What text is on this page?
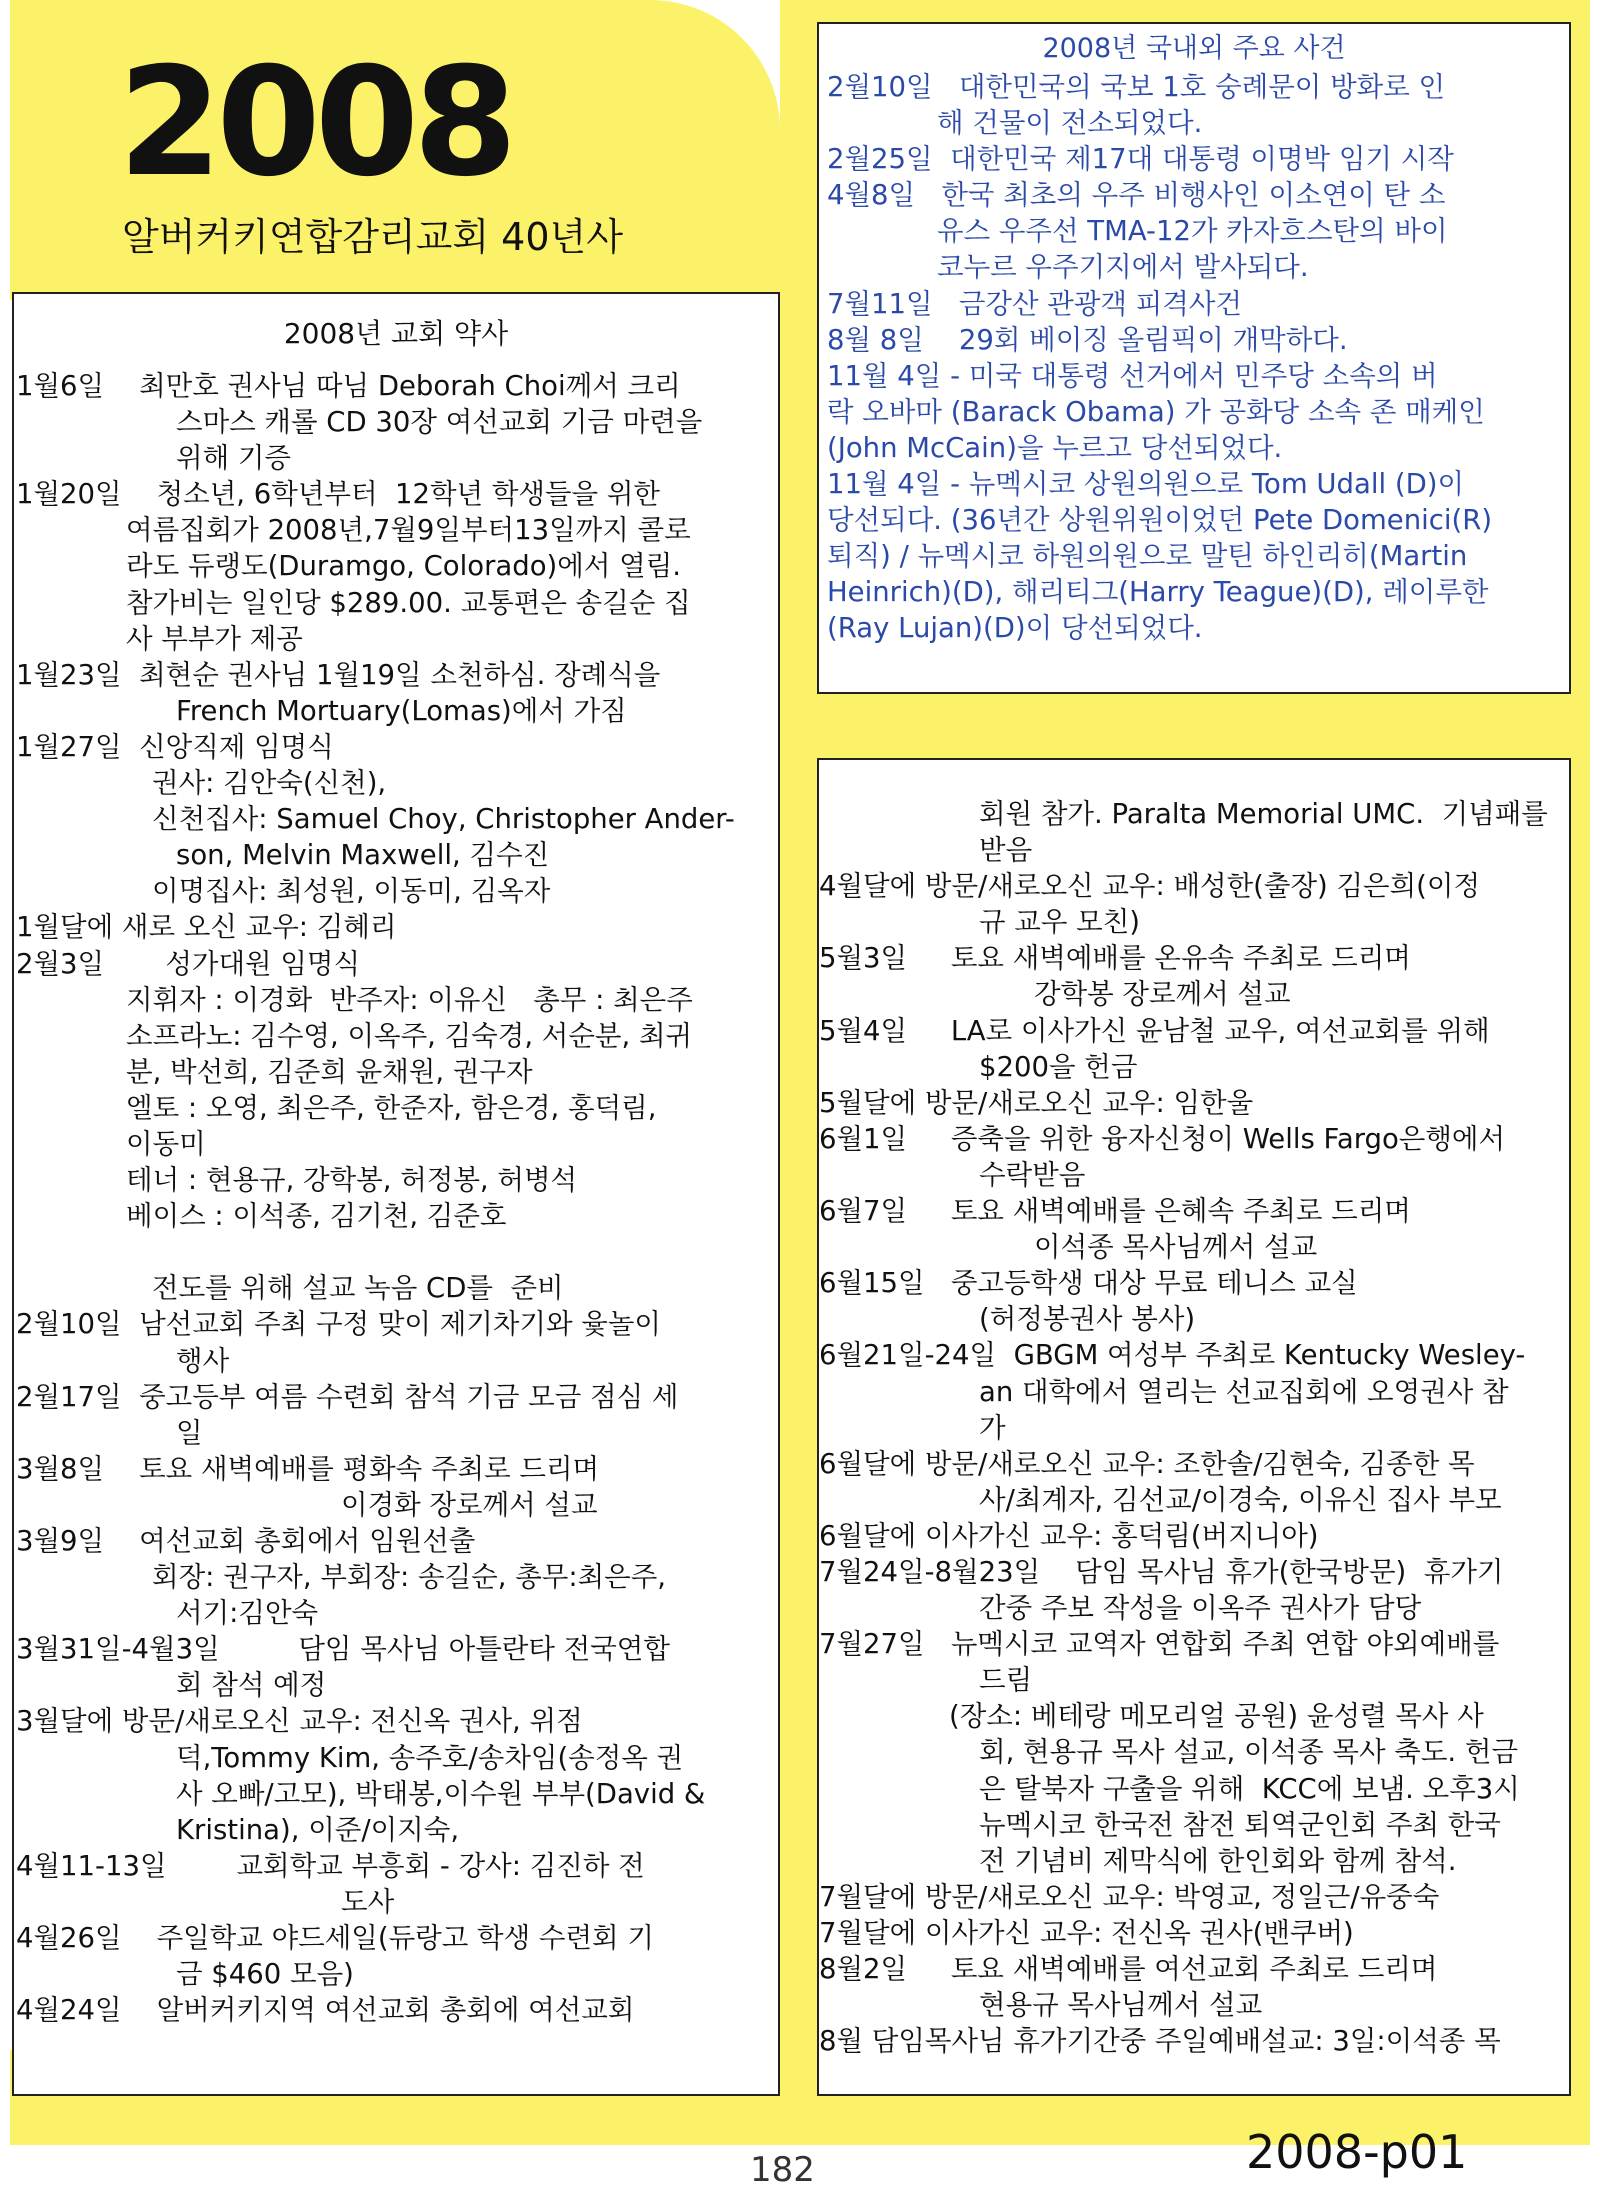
2008
알버커키연합감리교회 40년사
2008년 교회 약사
1월6일    최만호 권사님 따님 Deborah Choi께서 크리
스마스 캐롤 CD 30장 여선교회 기금 마련을
위해 기증
1월20일    청소년, 6학년부터  12학년 학생들을 위한
여름집회가 2008년,7월9일부터13일까지 콜로
라도 듀랭도(Duramgo, Colorado)에서 열림.
참가비는 일인당 $289.00. 교통편은 송길순 집
사 부부가 제공
1월23일  최현순 권사님 1월19일 소천하심. 장례식을
French Mortuary(Lomas)에서 가짐
1월27일  신앙직제 임명식
권사: 김안숙(신천),
신천집사: Samuel Choy, Christopher Ander-
son, Melvin Maxwell, 김수진
이명집사: 최성원, 이동미, 김옥자
1월달에 새로 오신 교우: 김혜리
2월3일       성가대원 임명식
지휘자 : 이경화  반주자: 이유신   총무 : 최은주
소프라노: 김수영, 이옥주, 김숙경, 서순분, 최귀
분, 박선희, 김준희 윤채원, 권구자
엘토 : 오영, 최은주, 한준자, 함은경, 홍덕림,
이동미
테너 : 현용규, 강학봉, 허정봉, 허병석
베이스 : 이석종, 김기천, 김준호

전도를 위해 설교 녹음 CD를  준비
2월10일  남선교회 주최 구정 맞이 제기차기와 윷놀이
행사
2월17일  중고등부 여름 수련회 참석 기금 모금 점심 세
일
3월8일    토요 새벽예배를 평화속 주최로 드리며
이경화 장로께서 설교
3월9일    여선교회 총회에서 임원선출
회장: 권구자, 부회장: 송길순, 총무:최은주,
서기:김안숙
3월31일-4월3일         담임 목사님 아틀란타 전국연합
회 참석 예정
3월달에 방문/새로오신 교우: 전신옥 권사, 위점
덕,Tommy Kim, 송주호/송차임(송정옥 권
사 오빠/고모), 박태봉,이수원 부부(David &
Kristina), 이준/이지숙,
4월11-13일        교회학교 부흥회 - 강사: 김진하 전
도사
4월26일    주일학교 야드세일(듀랑고 학생 수련회 기
금 $460 모음)
4월24일    알버커키지역 여선교회 총회에 여선교회
2008년 국내외 주요 사건
2월10일   대한민국의 국보 1호 숭례문이 방화로 인
해 건물이 전소되었다.
2월25일  대한민국 제17대 대통령 이명박 임기 시작
4월8일   한국 최초의 우주 비행사인 이소연이 탄 소
유스 우주선 TMA-12가 카자흐스탄의 바이
코누르 우주기지에서 발사되다.
7월11일   금강산 관광객 피격사건
8월 8일    29회 베이징 올림픽이 개막하다.
11월 4일 - 미국 대통령 선거에서 민주당 소속의 버
락 오바마 (Barack Obama) 가 공화당 소속 존 매케인
(John McCain)을 누르고 당선되었다.
11월 4일 - 뉴멕시코 상원의원으로 Tom Udall (D)이
당선되다. (36년간 상원위원이었던 Pete Domenici(R)
퇴직) / 뉴멕시코 하원의원으로 말틴 하인리히(Martin
Heinrich)(D), 해리티그(Harry Teague)(D), 레이루한
(Ray Lujan)(D)이 당선되었다.
회원 참가. Paralta Memorial UMC.  기념패를
받음
4월달에 방문/새로오신 교우: 배성한(출장) 김은희(이정
규 교우 모친)
5월3일     토요 새벽예배를 온유속 주최로 드리며
강학봉 장로께서 설교
5월4일     LA로 이사가신 윤남철 교우, 여선교회를 위해
$200을 헌금
5월달에 방문/새로오신 교우: 임한울
6월1일     증축을 위한 융자신청이 Wells Fargo은행에서
수락받음
6월7일     토요 새벽예배를 은혜속 주최로 드리며
이석종 목사님께서 설교
6월15일   중고등학생 대상 무료 테니스 교실
(허정봉권사 봉사)
6월21일-24일  GBGM 여성부 주최로 Kentucky Wesley-
an 대학에서 열리는 선교집회에 오영권사 참
가
6월달에 방문/새로오신 교우: 조한솔/김현숙, 김종한 목
사/최계자, 김선교/이경숙, 이유신 집사 부모
6월달에 이사가신 교우: 홍덕림(버지니아)
7월24일-8월23일    담임 목사님 휴가(한국방문)  휴가기
간중 주보 작성을 이옥주 권사가 담당
7월27일   뉴멕시코 교역자 연합회 주최 연합 야외예배를
드림
(장소: 베테랑 메모리얼 공원) 윤성렬 목사 사
회, 현용규 목사 설교, 이석종 목사 축도. 헌금
은 탈북자 구출을 위해  KCC에 보냄. 오후3시
뉴멕시코 한국전 참전 퇴역군인회 주최 한국
전 기념비 제막식에 한인회와 함께 참석.
7월달에 방문/새로오신 교우: 박영교, 정일근/유중숙
7월달에 이사가신 교우: 전신옥 권사(밴쿠버)
8월2일     토요 새벽예배를 여선교회 주최로 드리며
현용규 목사님께서 설교
8월 담임목사님 휴가기간중 주일예배설교: 3일:이석종 목
182	2008-p01
